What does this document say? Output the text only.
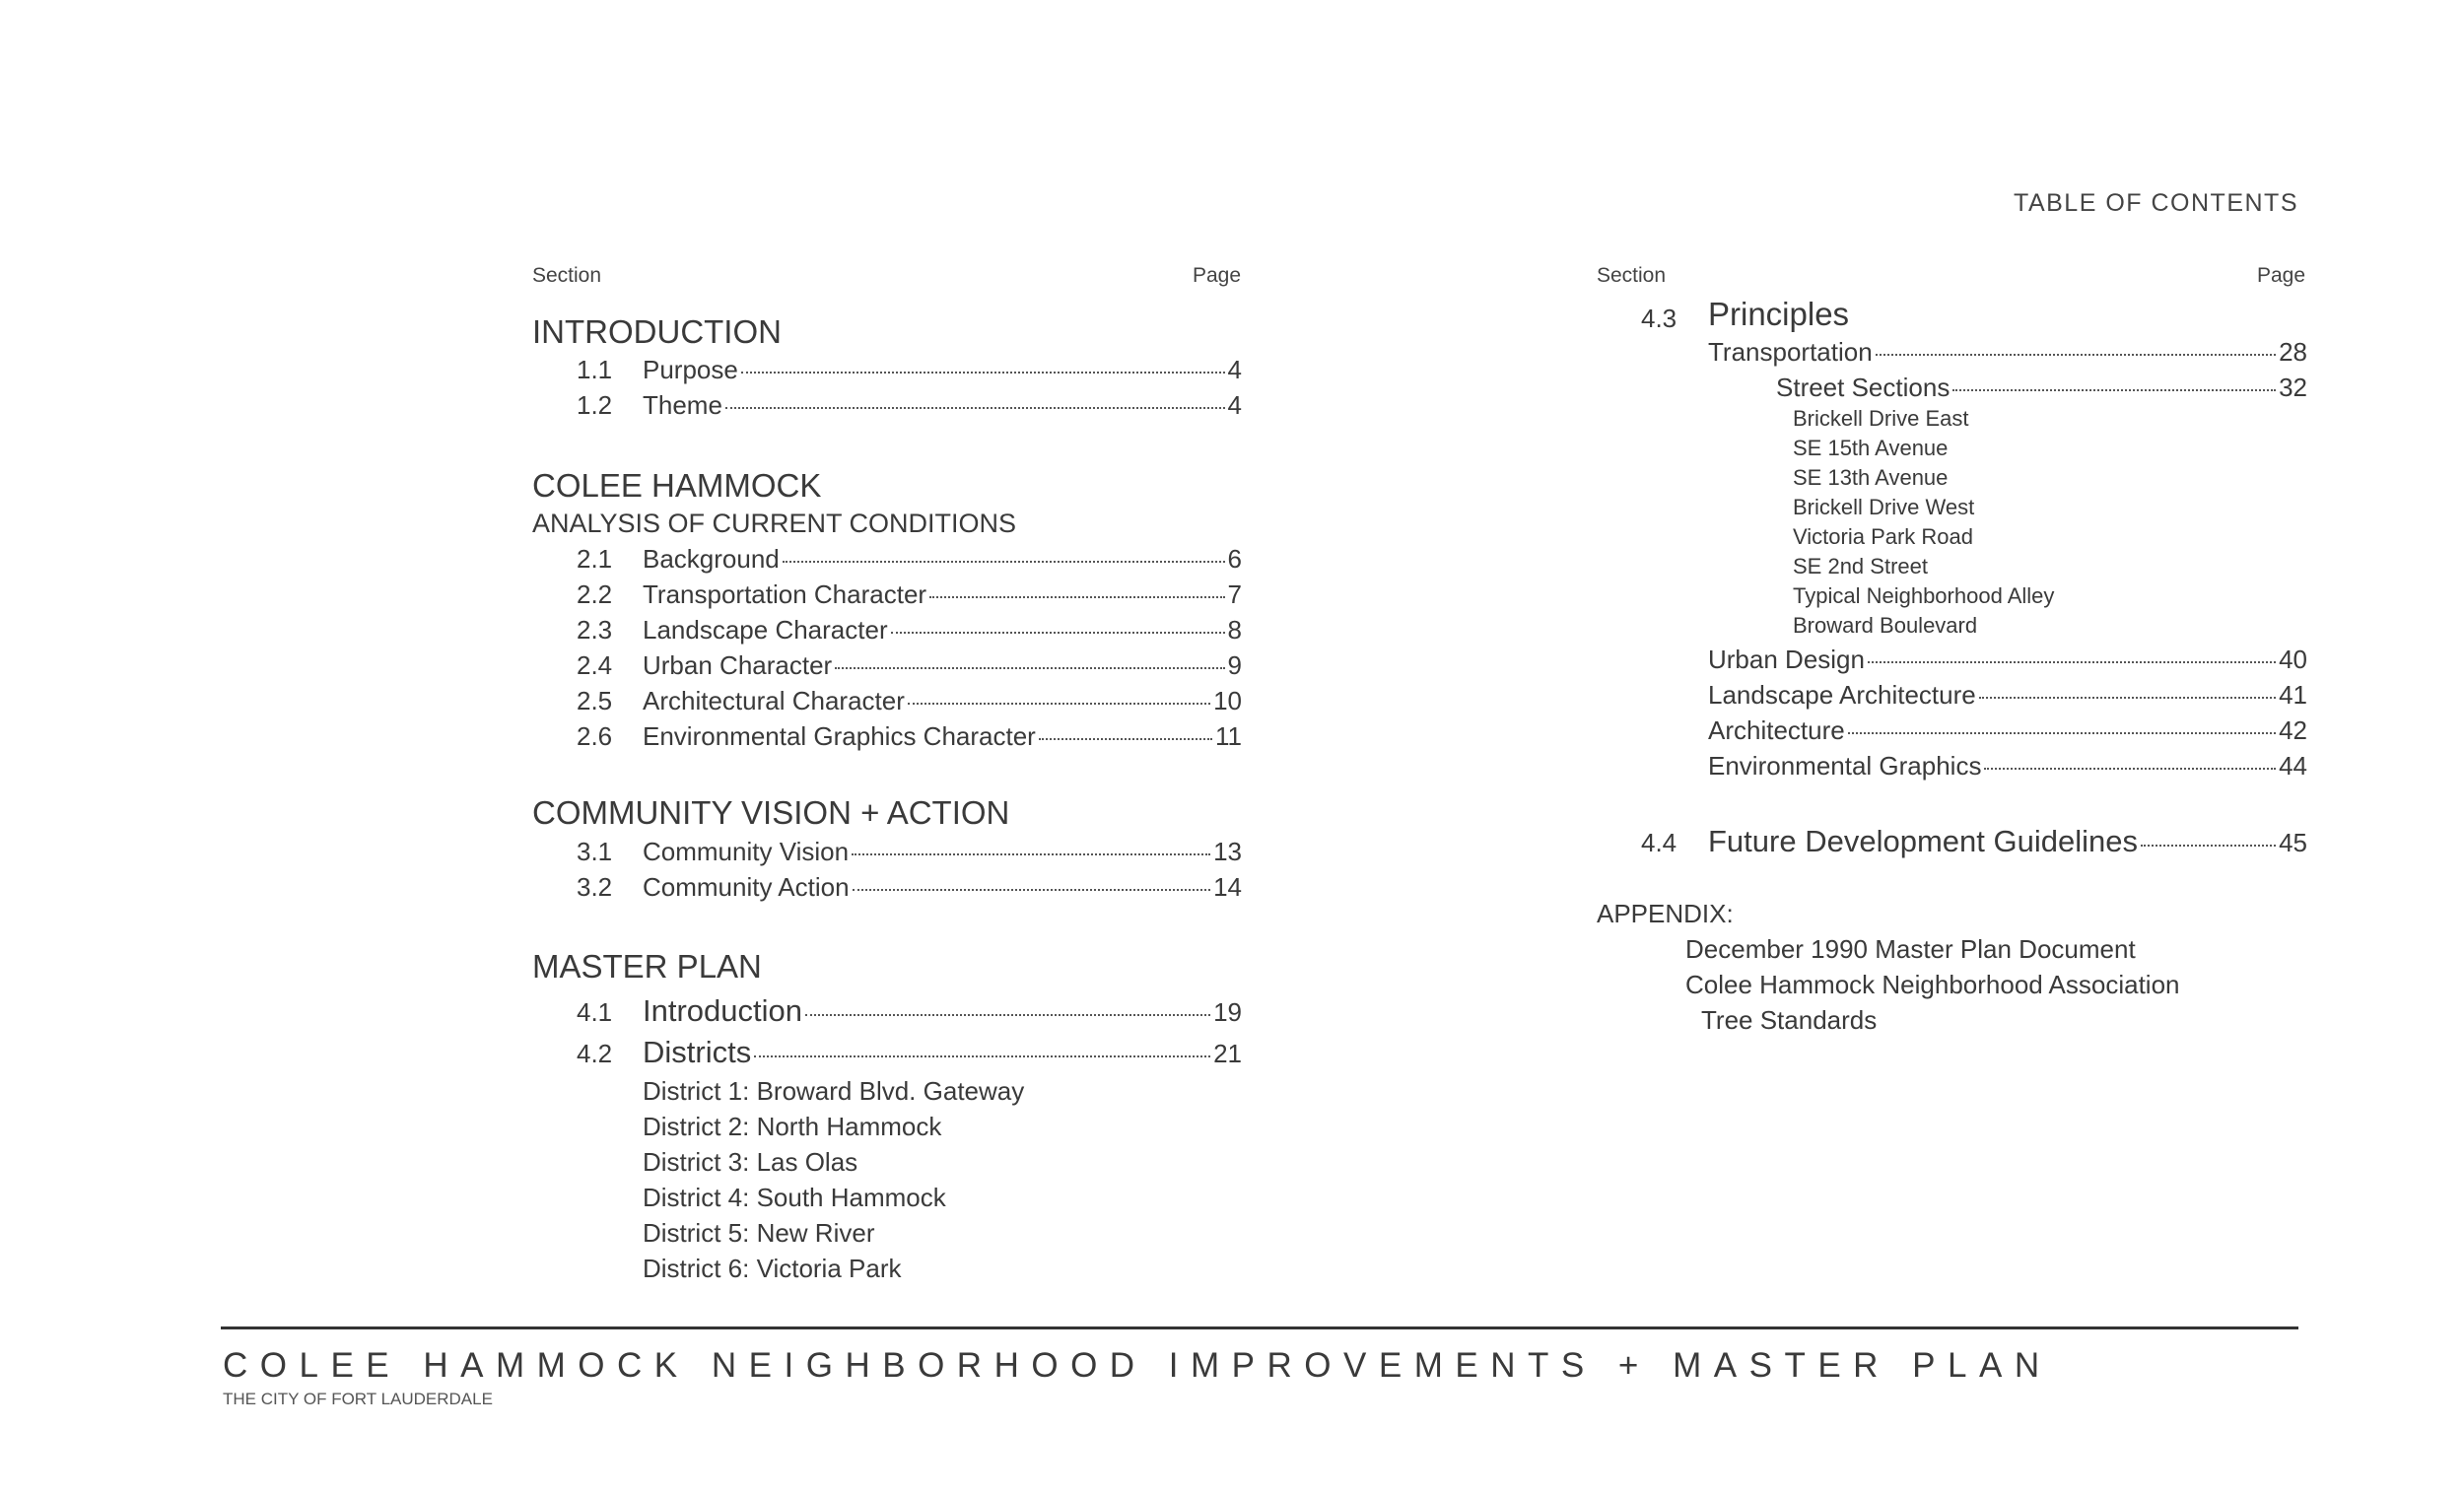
TABLE OF CONTENTS
Section	Page
INTRODUCTION
1.1	Purpose	4
1.2	Theme	4
COLEE HAMMOCK
ANALYSIS OF CURRENT CONDITIONS
2.1	Background	6
2.2	Transportation Character	7
2.3	Landscape Character	8
2.4	Urban Character	9
2.5	Architectural Character	10
2.6	Environmental Graphics Character	11
COMMUNITY VISION + ACTION
3.1	Community Vision	13
3.2	Community Action	14
MASTER PLAN
4.1 Introduction	19
4.2 Districts	21
District 1: Broward Blvd. Gateway
District 2: North Hammock
District 3: Las Olas
District 4: South Hammock
District 5: New River
District 6: Victoria Park
Section	Page
4.3 Principles
Transportation	28
Street Sections	32
Brickell Drive East
SE 15th Avenue
SE 13th Avenue
Brickell Drive West
Victoria Park Road
SE 2nd Street
Typical Neighborhood Alley
Broward Boulevard
Urban Design	40
Landscape Architecture	41
Architecture	42
Environmental Graphics	44
4.4	Future Development Guidelines	45
APPENDIX:
December 1990 Master Plan Document
Colee Hammock Neighborhood Association
Tree Standards
COLEE HAMMOCK NEIGHBORHOOD IMPROVEMENTS + MASTER PLAN
THE CITY OF FORT LAUDERDALE
